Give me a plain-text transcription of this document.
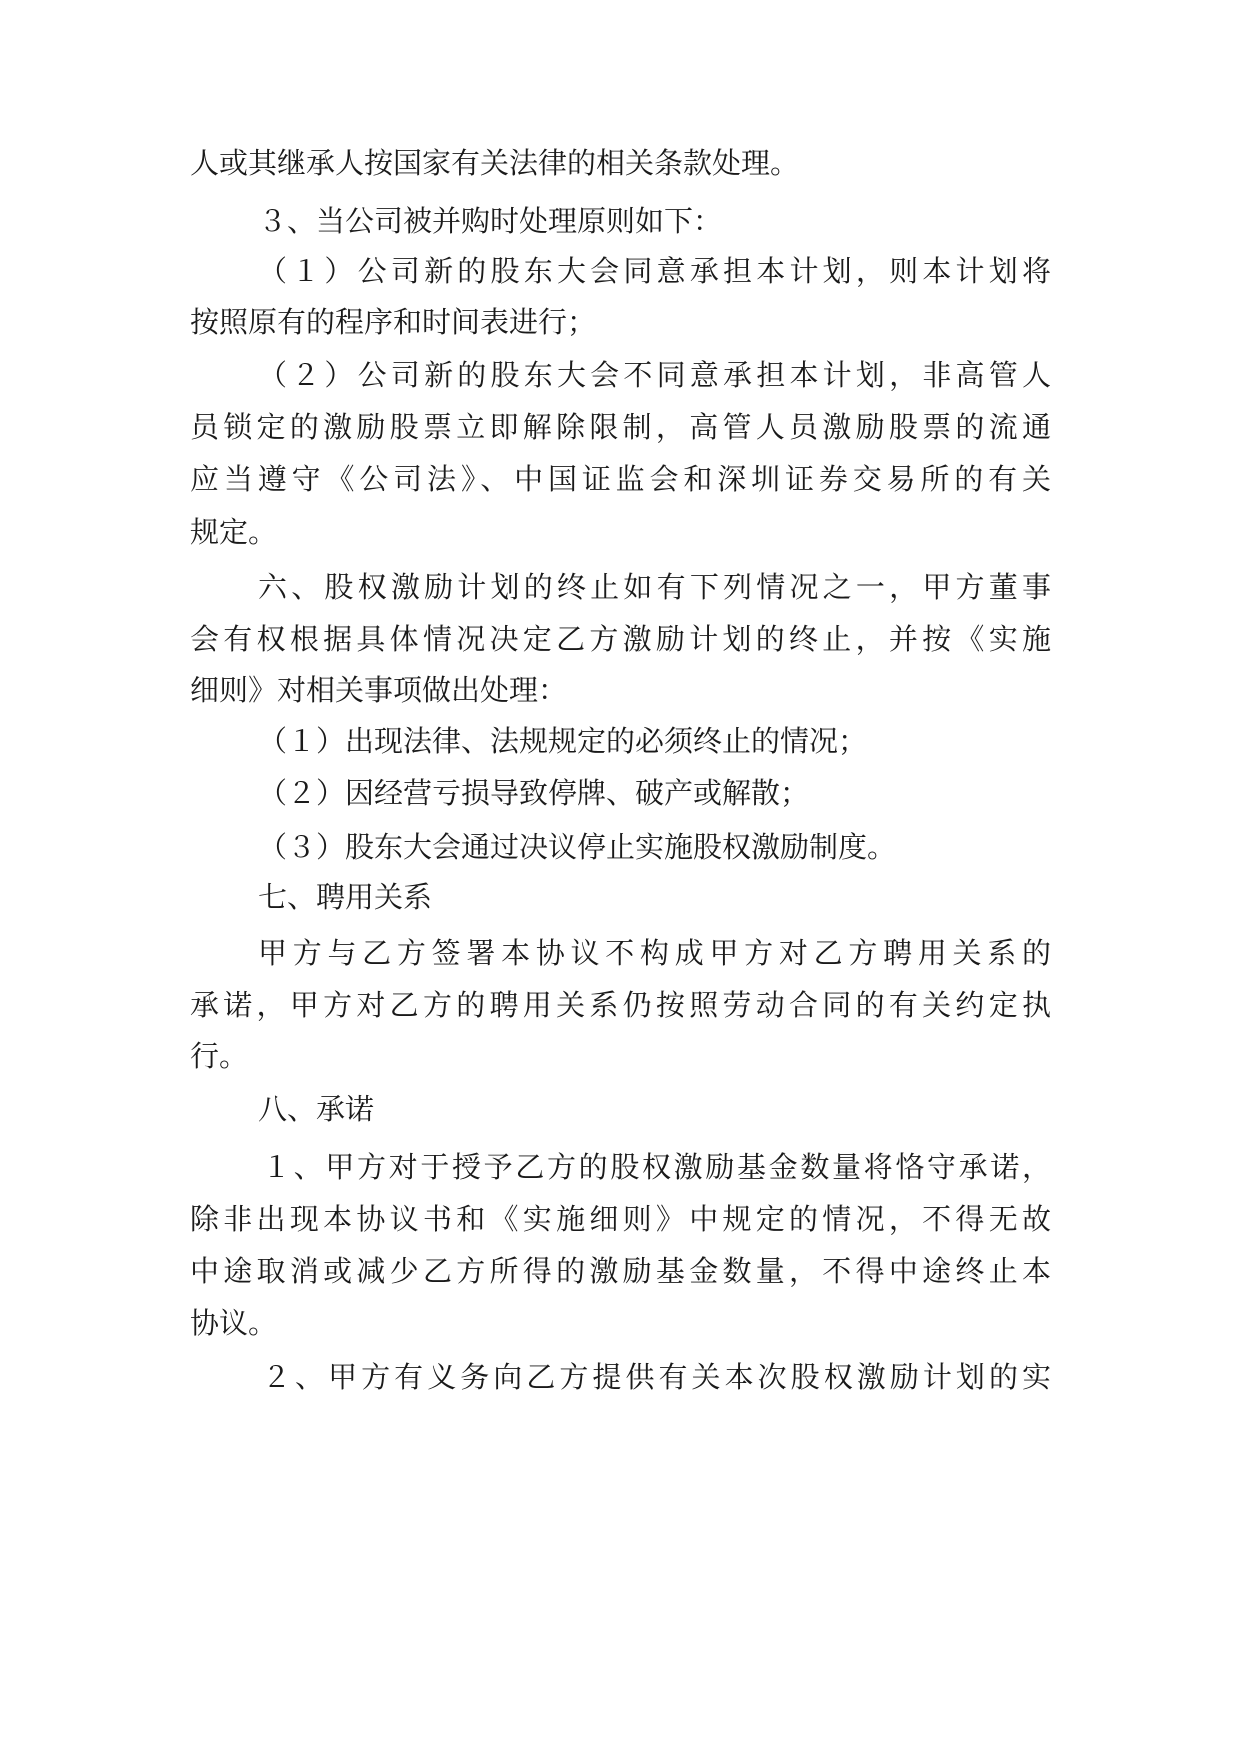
人或其继承人按国家有关法律的相关条款处理。
３、当公司被并购时处理原则如下：
（１）公司新的股东大会同意承担本计划，则本计划将
按照原有的程序和时间表进行；
（２）公司新的股东大会不同意承担本计划，非高管人
员锁定的激励股票立即解除限制，高管人员激励股票的流通
应当遵守《公司法》、中国证监会和深圳证券交易所的有关
规定。
六、股权激励计划的终止如有下列情况之一，甲方董事
会有权根据具体情况决定乙方激励计划的终止，并按《实施
细则》对相关事项做出处理：
（１）出现法律、法规规定的必须终止的情况；
（２）因经营亏损导致停牌、破产或解散；
（３）股东大会通过决议停止实施股权激励制度。
七、聘用关系
甲方与乙方签署本协议不构成甲方对乙方聘用关系的
承诺，甲方对乙方的聘用关系仍按照劳动合同的有关约定执
行。
八、承诺
１、甲方对于授予乙方的股权激励基金数量将恪守承诺，
除非出现本协议书和《实施细则》中规定的情况，不得无故
中途取消或减少乙方所得的激励基金数量，不得中途终止本
协议。
２、甲方有义务向乙方提供有关本次股权激励计划的实
